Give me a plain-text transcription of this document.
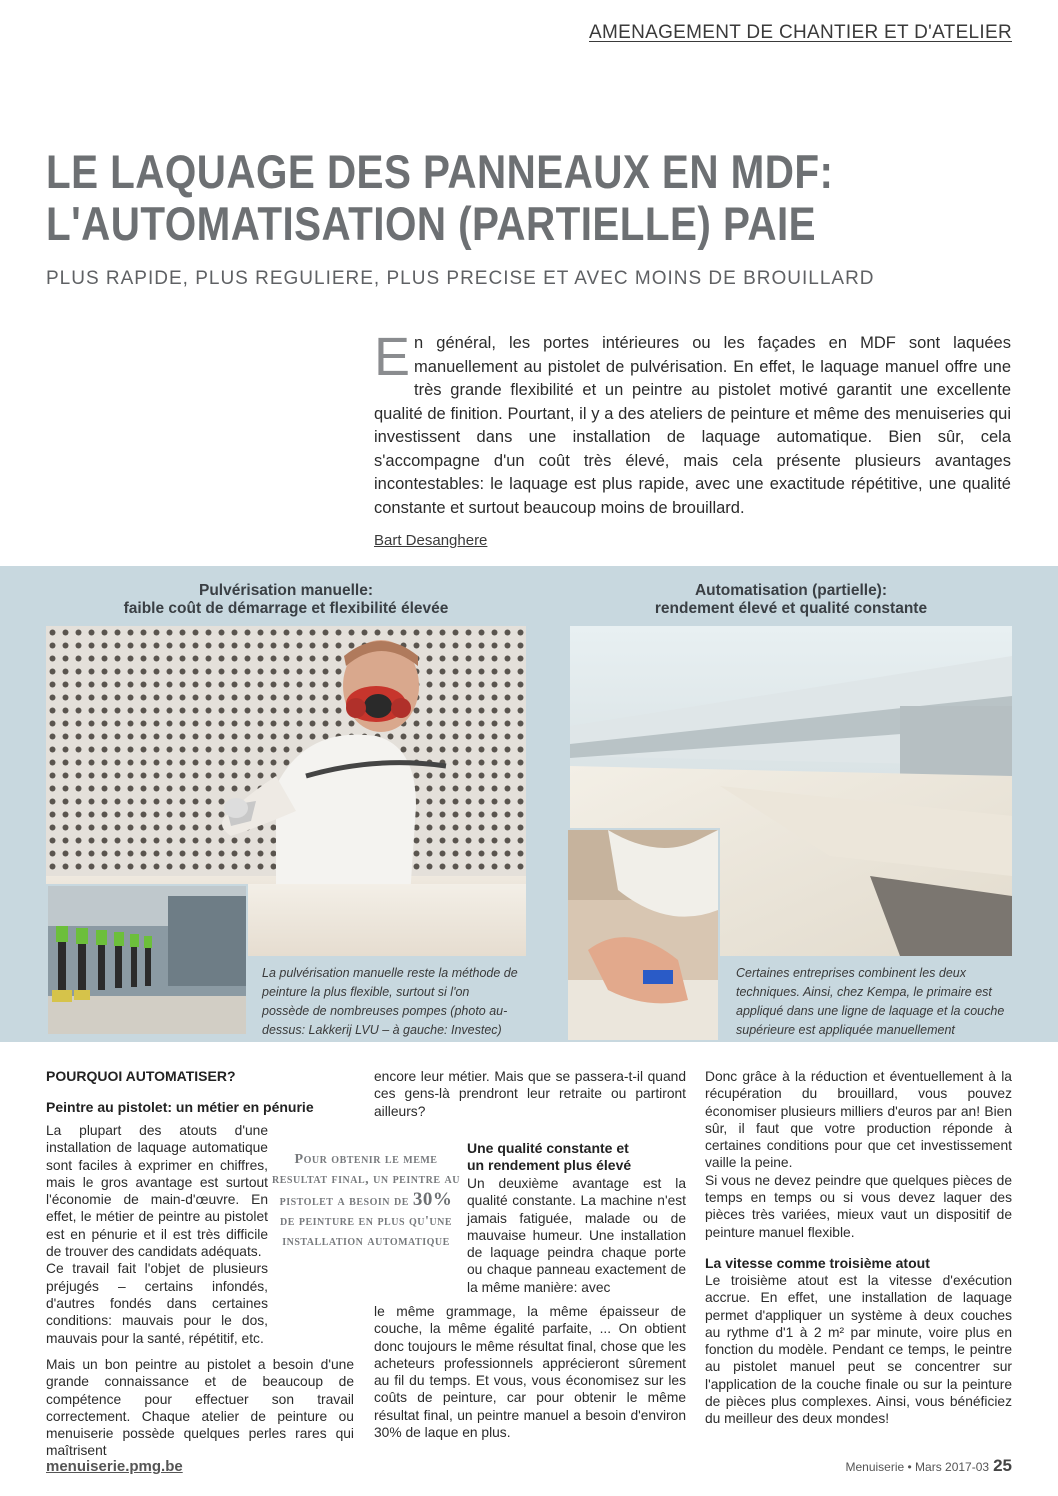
AMENAGEMENT DE CHANTIER ET D'ATELIER
LE LAQUAGE DES PANNEAUX EN MDF:
L'AUTOMATISATION (PARTIELLE) PAIE
PLUS RAPIDE, PLUS REGULIERE, PLUS PRECISE ET AVEC MOINS DE BROUILLARD
En général, les portes intérieures ou les façades en MDF sont laquées manuellement au pistolet de pulvérisation. En effet, le laquage manuel offre une très grande flexibilité et un peintre au pistolet motivé garantit une excellente qualité de finition. Pourtant, il y a des ateliers de peinture et même des menuiseries qui investissent dans une installation de laquage automatique. Bien sûr, cela s'accompagne d'un coût très élevé, mais cela présente plusieurs avantages incontestables: le laquage est plus rapide, avec une exactitude répétitive, une qualité constante et surtout beaucoup moins de brouillard.
Bart Desanghere
Pulvérisation manuelle:
faible coût de démarrage et flexibilité élevée
Automatisation (partielle):
rendement élevé et qualité constante
La pulvérisation manuelle reste la méthode de peinture la plus flexible, surtout si l'on possède de nombreuses pompes (photo au-dessus: Lakkerij LVU – à gauche: Investec)
Certaines entreprises combinent les deux techniques. Ainsi, chez Kempa, le primaire est appliqué dans une ligne de laquage et la couche supérieure est appliquée manuellement
POURQUOI AUTOMATISER?
Peintre au pistolet: un métier en pénurie

La plupart des atouts d'une installation de laquage automatique sont faciles à exprimer en chiffres, mais le gros avantage est surtout l'économie de main-d'œuvre. En effet, le métier de peintre au pistolet est en pénurie et il est très difficile de trouver des candidats adéquats.

Ce travail fait l'objet de plusieurs préjugés – certains infondés, d'autres fondés dans certaines conditions: mauvais pour le dos, mauvais pour la santé, répétitif, etc.

Mais un bon peintre au pistolet a besoin d'une grande connaissance et de beaucoup de compétence pour effectuer son travail correctement. Chaque atelier de peinture ou menuiserie possède quelques perles rares qui maîtrisent
Pour obtenir le meme resultat final, un peintre au pistolet a besoin de 30% de peinture en plus qu'une installation automatique
encore leur métier. Mais que se passera-t-il quand ces gens-là prendront leur retraite ou partiront ailleurs?
Une qualité constante et
un rendement plus élevé
Un deuxième avantage est la qualité constante. La machine n'est jamais fatiguée, malade ou de mauvaise humeur. Une installation de laquage peindra chaque porte ou chaque panneau exactement de la même manière: avec
le même grammage, la même épaisseur de couche, la même égalité parfaite, ... On obtient donc toujours le même résultat final, chose que les acheteurs professionnels apprécieront sûrement au fil du temps. Et vous, vous économisez sur les coûts de peinture, car pour obtenir le même résultat final, un peintre manuel a besoin d'environ 30% de laque en plus.

Donc grâce à la réduction et éventuellement à la récupération du brouillard, vous pouvez économiser plusieurs milliers d'euros par an! Bien sûr, il faut que votre production réponde à certaines conditions pour que cet investissement vaille la peine.

Si vous ne devez peindre que quelques pièces de temps en temps ou si vous devez laquer des pièces très variées, mieux vaut un dispositif de peinture manuel flexible.

La vitesse comme troisième atout

Le troisième atout est la vitesse d'exécution accrue. En effet, une installation de laquage permet d'appliquer un système à deux couches au rythme d'1 à 2 m² par minute, voire plus en fonction du modèle. Pendant ce temps, le peintre au pistolet manuel peut se concentrer sur l'application de la couche finale ou sur la peinture de pièces plus complexes. Ainsi, vous bénéficiez du meilleur des deux mondes!

menuiserie.pmg.be	Menuiserie • Mars 2017-03 25
